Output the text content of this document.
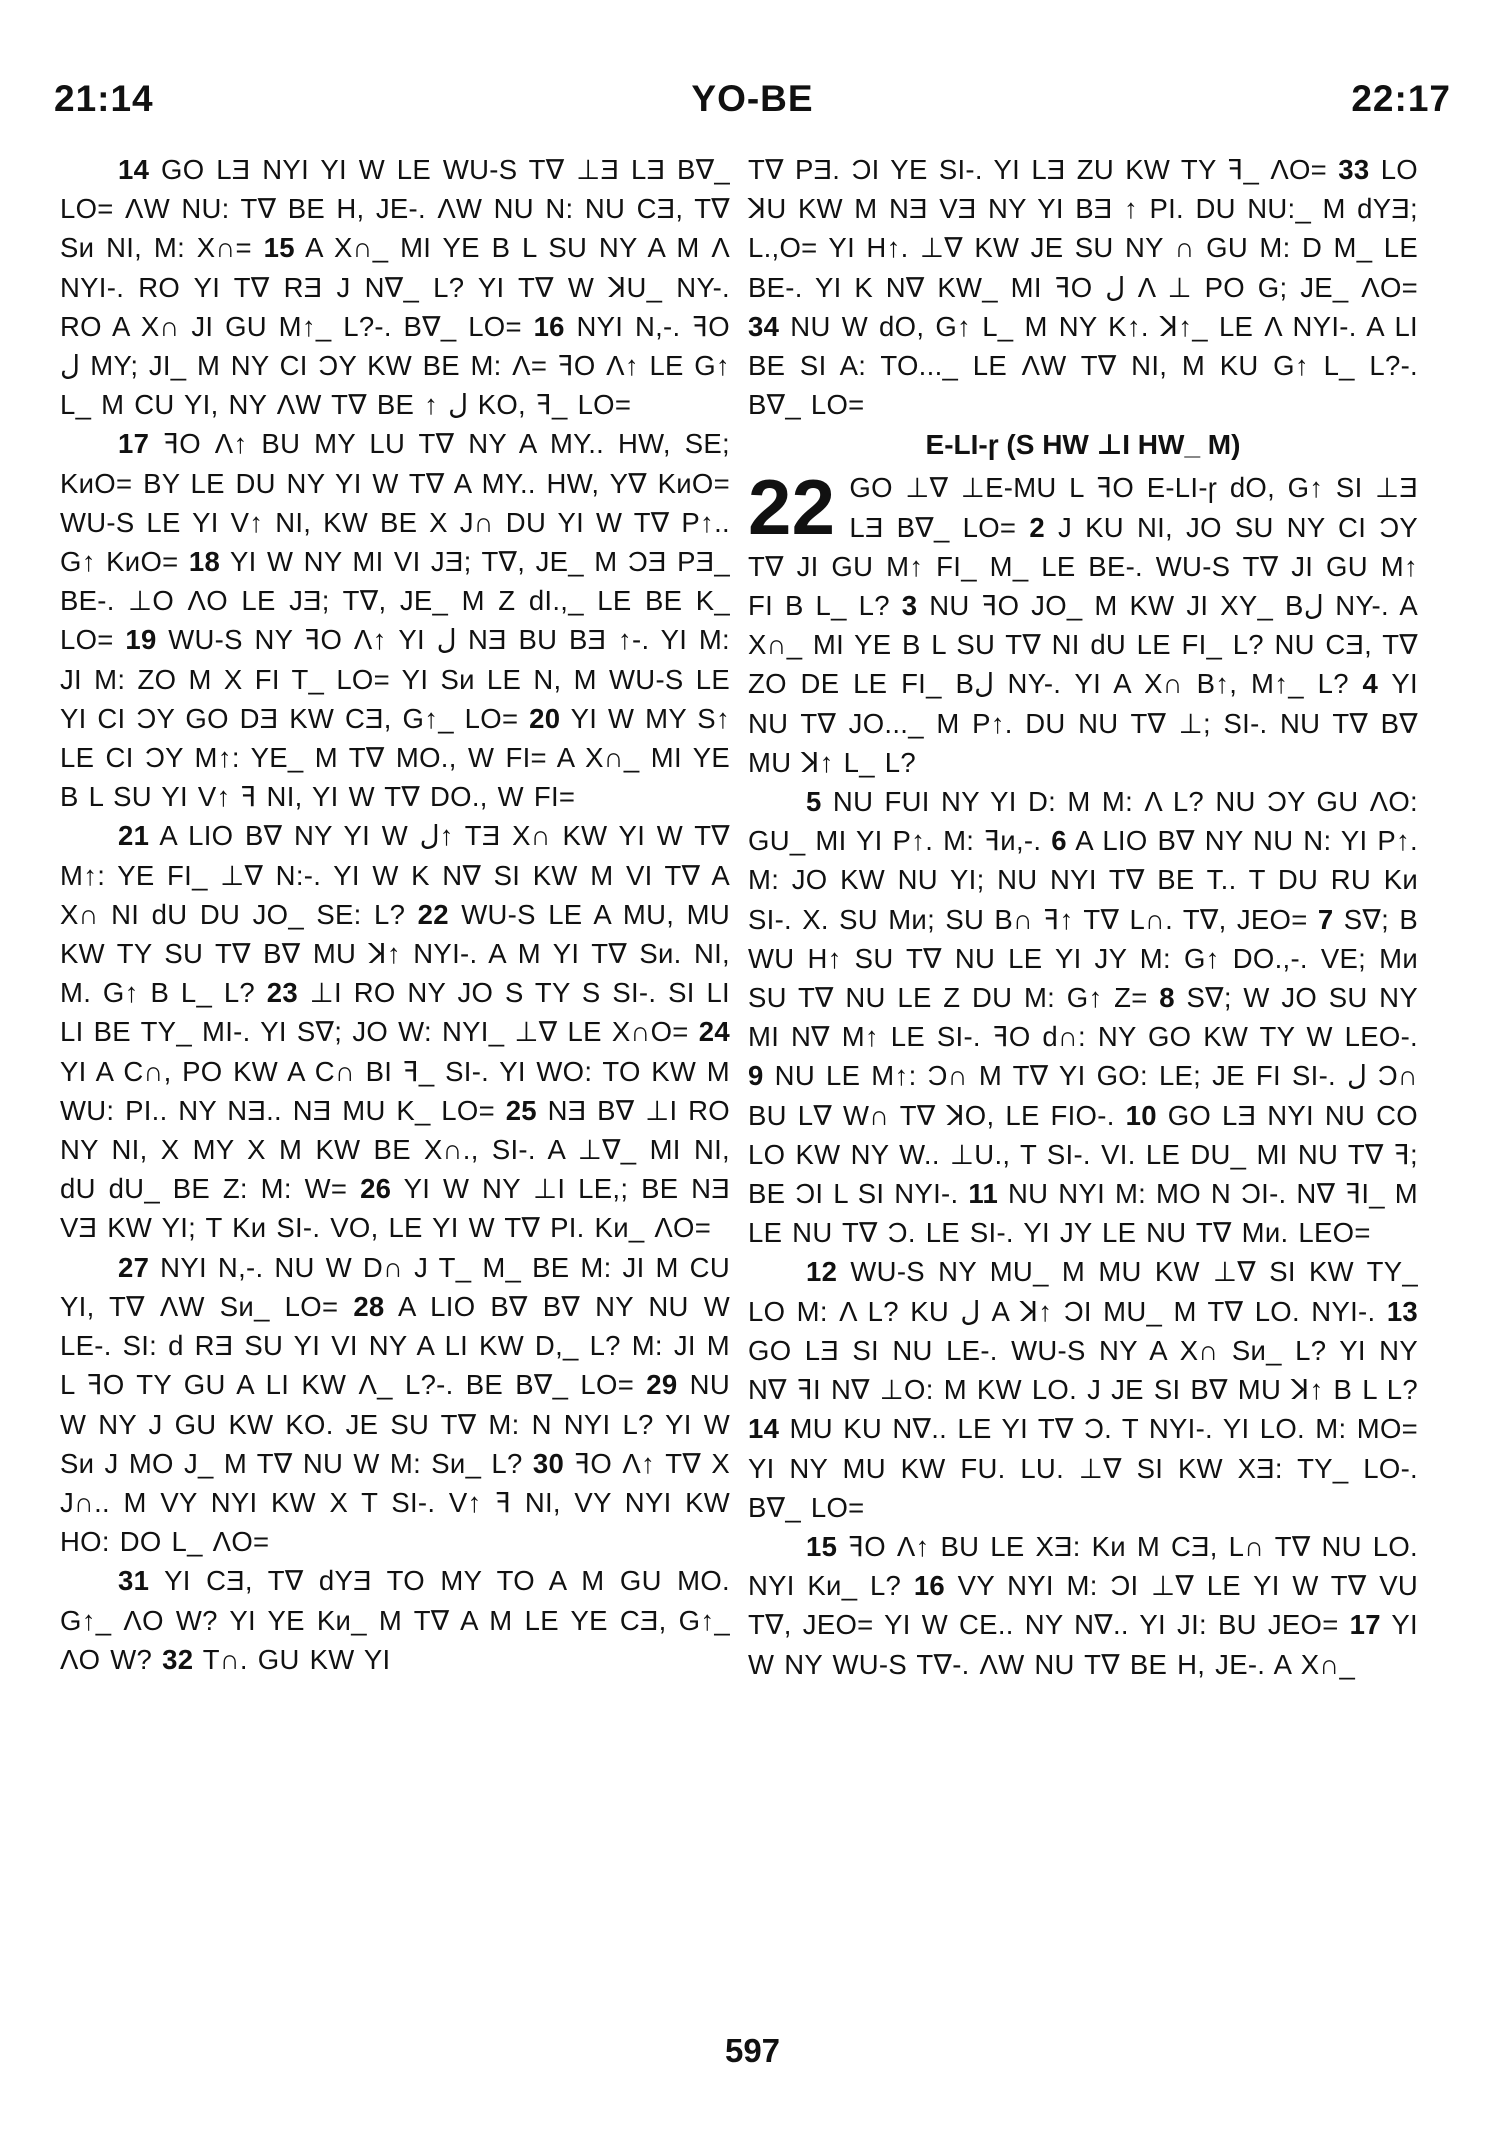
21:14	YO-BE	22:17

14 GO LƎ NYI YI W LE WU-S T∇ ⊥Ǝ LƎ B∇_ LO= ΛW NU: T∇ BE H, JE-. ΛW NU N: NU CƎ, T∇ Sᴎ NI, M: X∩= 15 A X∩_ MI YE B L SU NY A M Λ NYI-. RO YI T∇ RƎ J N∇_ L? YI T∇ W ꓘU_ NY-. RO A X∩ JI GU M↑_ L?-. B∇_ LO= 16 NYI N,-. ꟻO ل MY; JI_ M NY CI ƆY KW BE M: Λ= ꟻO Λ↑ LE G↑ L_ M CU YI, NY ΛW T∇ BE ↑ ل KO, ꟻ_ LO=

17 ꟻO Λ↑ BU MY LU T∇ NY A MY.. HW, SE; KᴎO= BY LE DU NY YI W T∇ A MY.. HW, Y∇ KᴎO= WU-S LE YI V↑ NI, KW BE X J∩ DU YI W T∇ P↑.. G↑ KᴎO= 18 YI W NY MI VI JƎ; T∇, JE_ M ƆƎ PƎ_ BE-. ⊥O ΛO LE JƎ; T∇, JE_ M Z ԁI.,_ LE BE K_ LO= 19 WU-S NY ꟻO Λ↑ YI ل NƎ BU BƎ ↑-. YI M: JI M: ZO M X FI T_ LO= YI Sᴎ LE N, M WU-S LE YI CI ƆY GO DƎ KW CƎ, G↑_ LO= 20 YI W MY S↑ LE CI ƆY M↑: YE_ M T∇ MO., W FI= A X∩_ MI YE B L SU YI V↑ ꟻ NI, YI W T∇ DO., W FI=

21 A LIO B∇ NY YI W ل↑ TƎ X∩ KW YI W T∇ M↑: YE FI_ ⊥∇ N:-. YI W K N∇ SI KW M VI T∇ A X∩ NI ԁU DU JO_ SE: L? 22 WU-S LE A MU, MU KW TY SU T∇ B∇ MU ꓘ↑ NYI-. A M YI T∇ Sᴎ. NI, M. G↑ B L_ L? 23 ⊥I RO NY JO S TY S SI-. SI LI LI BE TY_ MI-. YI S∇; JO W: NYI_ ⊥∇ LE X∩O= 24 YI A C∩, PO KW A C∩ BI ꟻ_ SI-. YI WO: TO KW M WU: PI.. NY NƎ.. NƎ MU K_ LO= 25 NƎ B∇ ⊥I RO NY NI, X MY X M KW BE X∩., SI-. A ⊥∇_ MI NI, ԁU ԁU_ BE Z: M: W= 26 YI W NY ⊥I LE,; BE NƎ VƎ KW YI; T Kᴎ SI-. VO, LE YI W T∇ PI. Kᴎ_ ΛO=

27 NYI N,-. NU W D∩ J T_ M_ BE M: JI M CU YI, T∇ ΛW Sᴎ_ LO= 28 A LIO B∇ B∇ NY NU W LE-. SI: ԁ RƎ SU YI VI NY A LI KW D,_ L? M: JI M L ꟻO TY GU A LI KW Λ_ L?-. BE B∇_ LO= 29 NU W NY J GU KW KO. JE SU T∇ M: N NYI L? YI W Sᴎ J MO J_ M T∇ NU W M: Sᴎ_ L? 30 ꟻO Λ↑ T∇ X J∩.. M VY NYI KW X T SI-. V↑ ꟻ NI, VY NYI KW HO: DO L_ ΛO=

31 YI CƎ, T∇ ԁYƎ TO MY TO A M GU MO. G↑_ ΛO W? YI YE Kᴎ_ M T∇ A M LE YE CƎ, G↑_ ΛO W? 32 T∩. GU KW YI

T∇ PƎ. ƆI YE SI-. YI LƎ ZU KW TY ꟻ_ ΛO= 33 LO ꓘU KW M NƎ VƎ NY YI BƎ ↑ PI. DU NU:_ M ԁYƎ; L.,O= YI H↑. ⊥∇ KW JE SU NY ∩ GU M: D M_ LE BE-. YI K N∇ KW_ MI ꟻO ل Λ ⊥ PO G; JE_ ΛO= 34 NU W ԁO, G↑ L_ M NY K↑. ꓘ↑_ LE Λ NYI-. A LI BE SI A: TO..._ LE ΛW T∇ NI, M KU G↑ L_ L?-. B∇_ LO=

E-LI-ɼ (S HW ⊥I HW_ M)

22 GO ⊥∇ ⊥E-MU L ꟻO E-LI-ɼ ԁO, G↑ SI ⊥Ǝ LƎ B∇_ LO= 2 J KU NI, JO SU NY CI ƆY T∇ JI GU M↑ FI_ M_ LE BE-. WU-S T∇ JI GU M↑ FI B L_ L? 3 NU ꟻO JO_ M KW JI XY_ Bل NY-. A X∩_ MI YE B L SU T∇ NI ԁU LE FI_ L? NU CƎ, T∇ ZO DE LE FI_ Bل NY-. YI A X∩ B↑, M↑_ L? 4 YI NU T∇ JO..._ M P↑. DU NU T∇ ⊥; SI-. NU T∇ B∇ MU ꓘ↑ L_ L?

5 NU FUI NY YI D: M M: Λ L? NU ƆY GU ΛO: GU_ MI YI P↑. M: ꟻᴎ,-. 6 A LIO B∇ NY NU N: YI P↑. M: JO KW NU YI; NU NYI T∇ BE T.. T DU RU Kᴎ SI-. X. SU Mᴎ; SU B∩ ꟻ↑ T∇ L∩. T∇, JEO= 7 S∇; B WU H↑ SU T∇ NU LE YI JY M: G↑ DO.,-. VE; Mᴎ SU T∇ NU LE Z DU M: G↑ Z= 8 S∇; W JO SU NY MI N∇ M↑ LE SI-. ꟻO ԁ∩: NY GO KW TY W LEO-. 9 NU LE M↑: Ɔ∩ M T∇ YI GO: LE; JE FI SI-. ل Ɔ∩ BU L∇ W∩ T∇ ꓘO, LE FIO-. 10 GO LƎ NYI NU CO LO KW NY W.. ⊥U., T SI-. VI. LE DU_ MI NU T∇ ꟻ; BE ƆI L SI NYI-. 11 NU NYI M: MO N ƆI-. N∇ ꟻI_ M LE NU T∇ Ɔ. LE SI-. YI JY LE NU T∇ Mᴎ. LEO=

12 WU-S NY MU_ M MU KW ⊥∇ SI KW TY_ LO M: Λ L? KU ل A ꓘ↑ ƆI MU_ M T∇ LO. NYI-. 13 GO LƎ SI NU LE-. WU-S NY A X∩ Sᴎ_ L? YI NY N∇ ꟻI N∇ ⊥O: M KW LO. J JE SI B∇ MU ꓘ↑ B L L? 14 MU KU N∇.. LE YI T∇ Ɔ. T NYI-. YI LO. M: MO= YI NY MU KW FU. LU. ⊥∇ SI KW XƎ: TY_ LO-. B∇_ LO=

15 ꟻO Λ↑ BU LE XƎ: Kᴎ M CƎ, L∩ T∇ NU LO. NYI Kᴎ_ L? 16 VY NYI M: ƆI ⊥∇ LE YI W T∇ VU T∇, JEO= YI W CE.. NY N∇.. YI JI: BU JEO= 17 YI W NY WU-S T∇-. ΛW NU T∇ BE H, JE-. A X∩_

597
